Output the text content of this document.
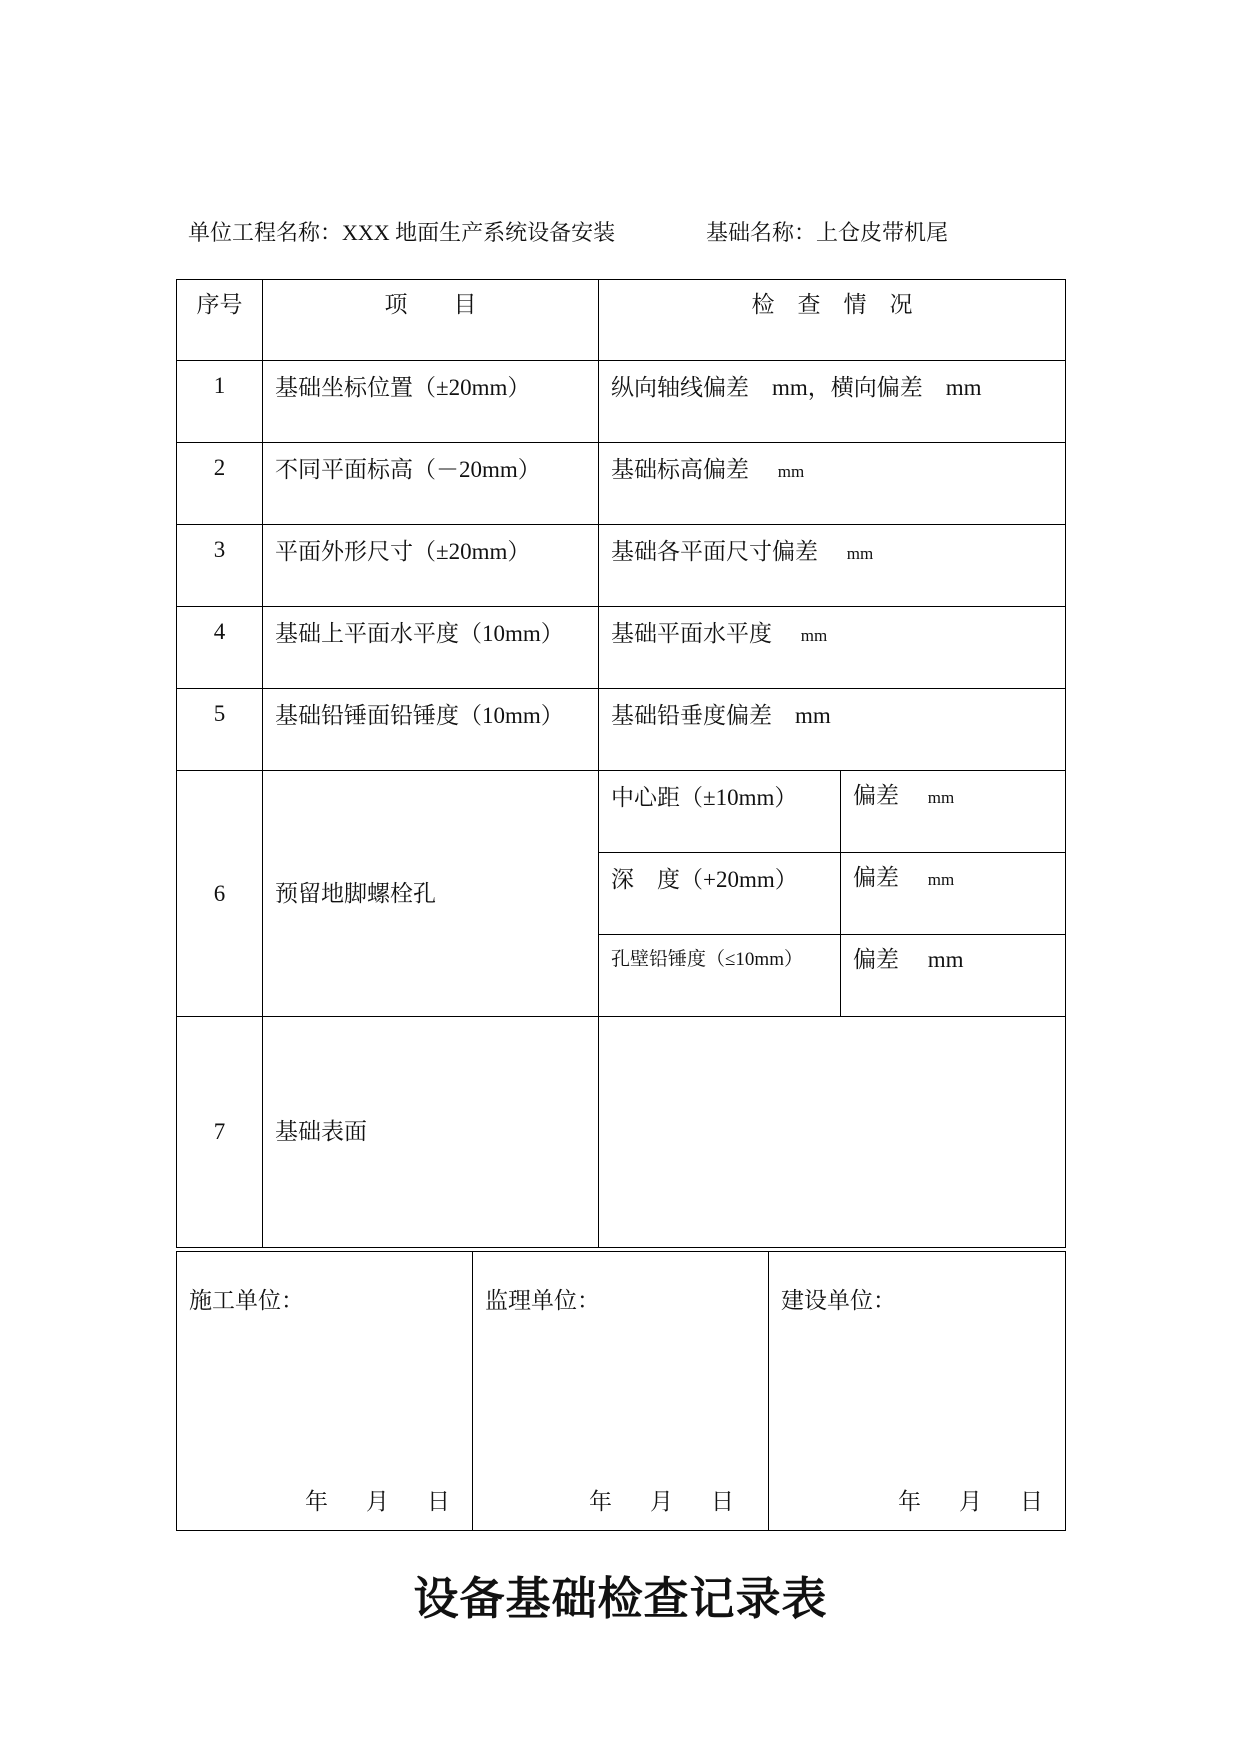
单位工程名称：XXX 地面生产系统设备安装	基础名称：上仓皮带机尾
序号	项　　目	检　查　情　况	
1	基础坐标位置（±20mm）	纵向轴线偏差　mm，横向偏差　mm	
2	不同平面标高（－20mm）	基础标高偏差　 mm	
3	平面外形尺寸（±20mm）	基础各平面尺寸偏差　 mm	
4	基础上平面水平度（10mm）	基础平面水平度　 mm	
5	基础铅锤面铅锤度（10mm）	基础铅垂度偏差　mm	
6	预留地脚螺栓孔	中心距（±10mm）	偏差　 mm
		深　度（+20mm）	偏差　 mm
		孔壁铅锤度（≤10mm）	偏差　 mm
7	基础表面		
施工单位：
年 月 日

监理单位：
年 月 日

建设单位：
年 月 日
设备基础检查记录表
